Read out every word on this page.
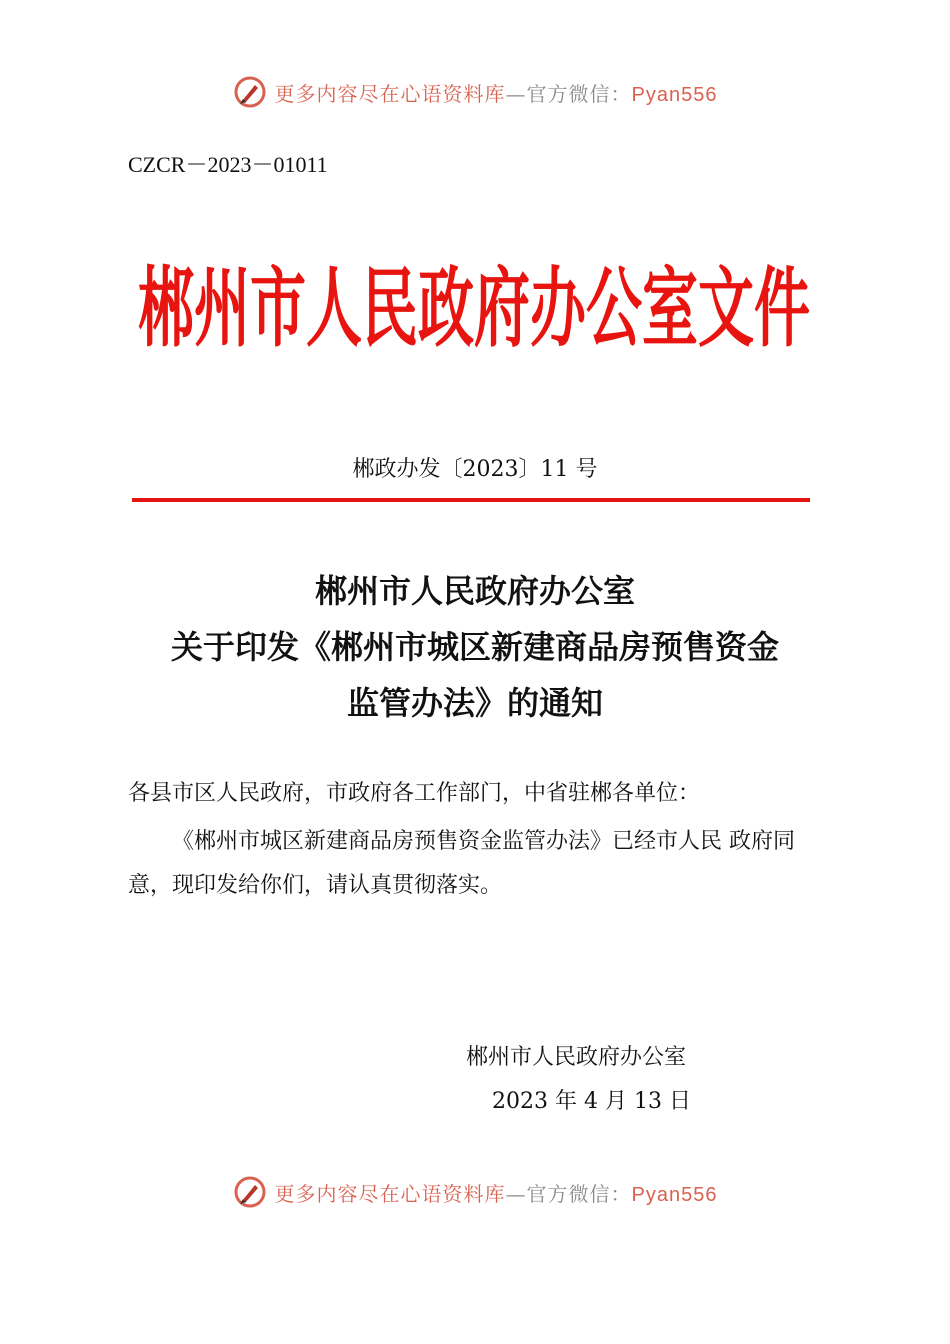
更多内容尽在心语资料库—官方微信：Pyan556
CZCR－2023－01011
郴州市人民政府办公室文件
郴政办发〔2023〕11 号
郴州市人民政府办公室
关于印发《郴州市城区新建商品房预售资金
监管办法》的通知
各县市区人民政府，市政府各工作部门，中省驻郴各单位：
《郴州市城区新建商品房预售资金监管办法》已经市人民 政府同意，现印发给你们，请认真贯彻落实。
郴州市人民政府办公室
2023 年 4 月 13 日
更多内容尽在心语资料库—官方微信：Pyan556
